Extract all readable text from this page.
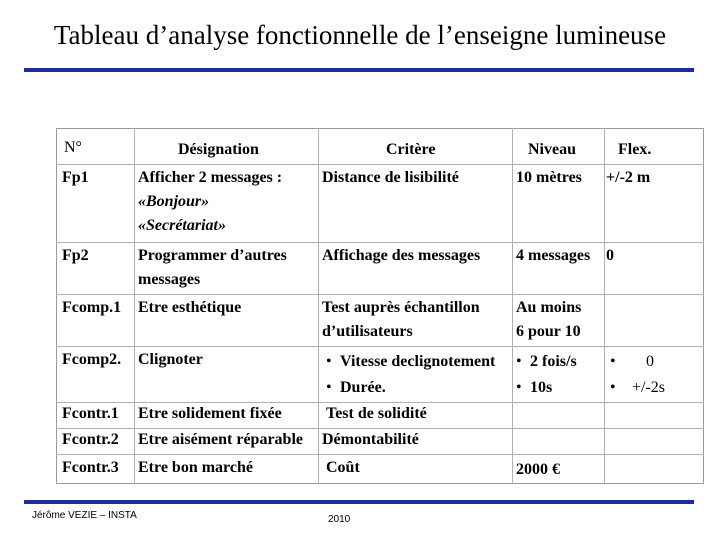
Tableau d’analyse fonctionnelle de l’enseigne lumineuse
N°	Désignation	Critère	Niveau	Flex.
Fp1	Afficher 2 messages :
«Bonjour»
«Secrétariat»
Distance de lisibilité	10 mètres +/-2 m
Fp2	Programmer d’autres
messages
Affichage des messages 4 messages 0
Fcomp.1 Etre esthétique	Test auprès échantillon
d’utilisateurs
Au moins
6 pour 10
Fcomp2. Clignoter
•	Vitesse declignotement
• Durée.
• 2 fois/s
• 10s
• 0
• +/-2s
Fcontr.1 Etre solidement fixée	Test de solidité
Fcontr.2 Etre aisément réparable Démontabilité
Fcontr.3 Etre bon marché	Coût	2000 €
Jérôme VEZIE – INSTA	2010
